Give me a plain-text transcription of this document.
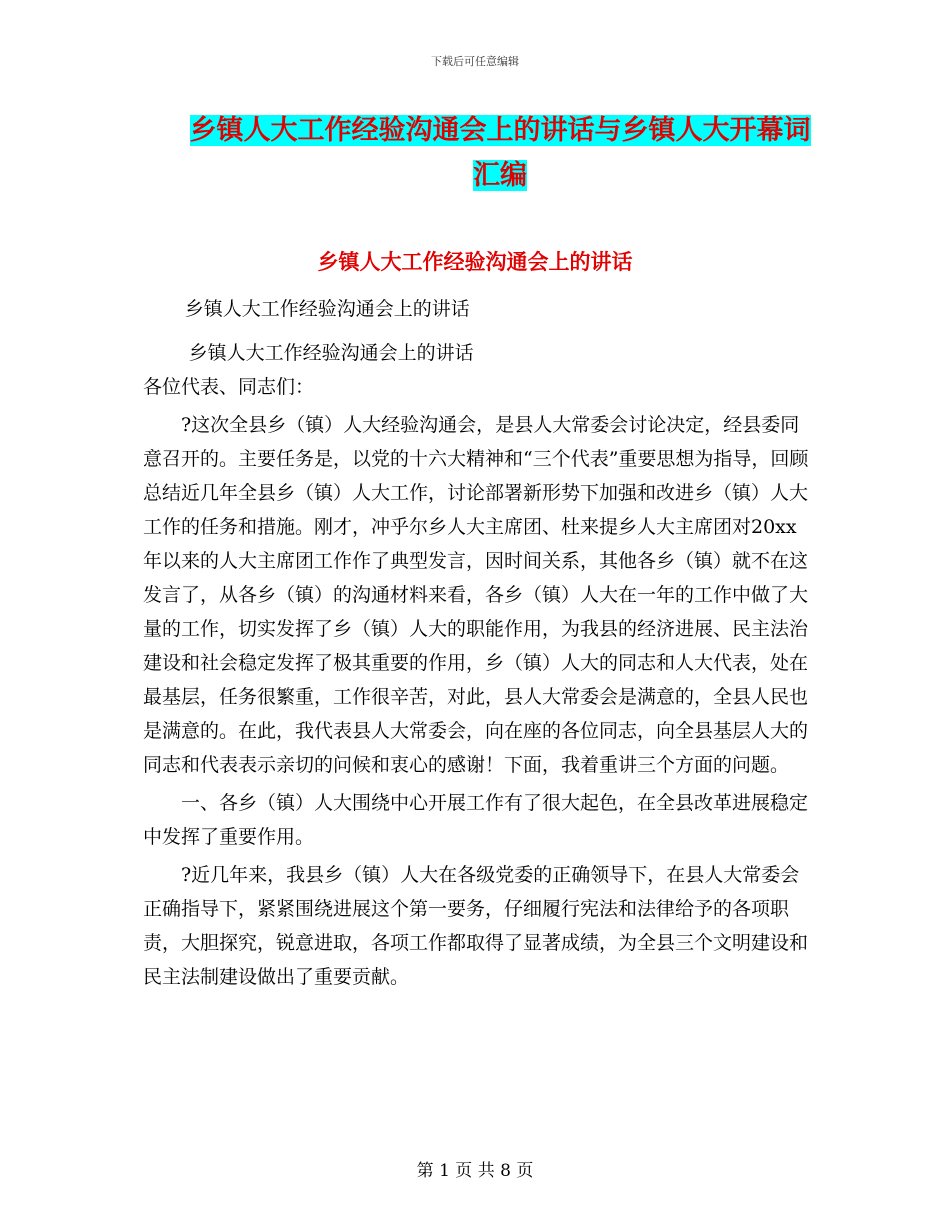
下载后可任意编辑
乡镇人大工作经验沟通会上的讲话与乡镇人大开幕词
汇编
乡镇人大工作经验沟通会上的讲话

乡镇人大工作经验沟通会上的讲话

乡镇人大工作经验沟通会上的讲话

各位代表、同志们：

?这次全县乡（镇）人大经验沟通会，是县人大常委会讨论决定，经县委同意召开的。主要任务是，以党的十六大精神和“三个代表”重要思想为指导，回顾总结近几年全县乡（镇）人大工作，讨论部署新形势下加强和改进乡（镇）人大工作的任务和措施。刚才，冲乎尔乡人大主席团、杜来提乡人大主席团对20xx年以来的人大主席团工作作了典型发言，因时间关系，其他各乡（镇）就不在这发言了，从各乡（镇）的沟通材料来看，各乡（镇）人大在一年的工作中做了大量的工作，切实发挥了乡（镇）人大的职能作用，为我县的经济进展、民主法治建设和社会稳定发挥了极其重要的作用，乡（镇）人大的同志和人大代表，处在最基层，任务很繁重，工作很辛苦，对此，县人大常委会是满意的，全县人民也是满意的。在此，我代表县人大常委会，向在座的各位同志，向全县基层人大的同志和代表表示亲切的问候和衷心的感谢！下面，我着重讲三个方面的问题。

一、各乡（镇）人大围绕中心开展工作有了很大起色，在全县改革进展稳定中发挥了重要作用。

?近几年来，我县乡（镇）人大在各级党委的正确领导下，在县人大常委会正确指导下，紧紧围绕进展这个第一要务，仔细履行宪法和法律给予的各项职责，大胆探究，锐意进取，各项工作都取得了显著成绩，为全县三个文明建设和民主法制建设做出了重要贡献。

第 1 页 共 8 页
